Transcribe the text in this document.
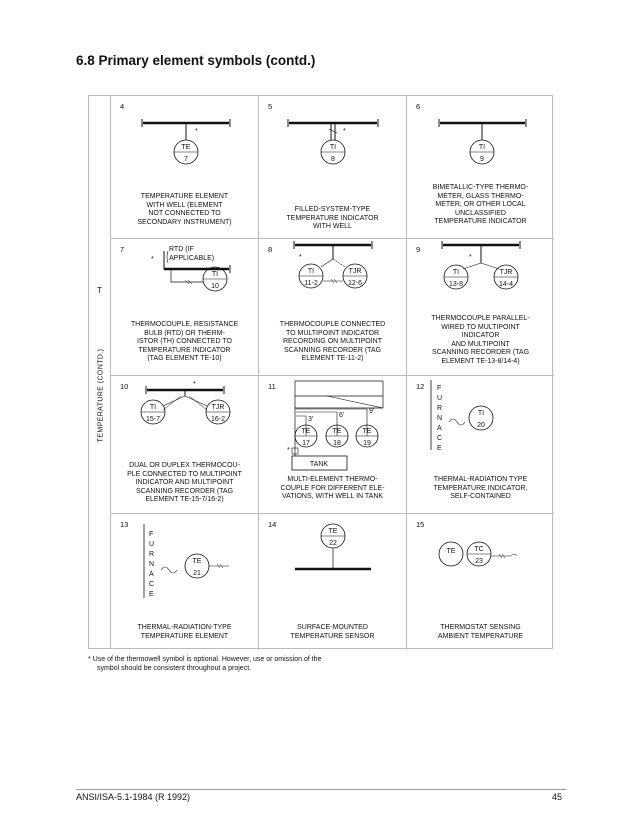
6.8 Primary element symbols (contd.)
T
TEMPERATURE (CONTD.)
4
*
TE
7
TEMPERATURE ELEMENT
WITH WELL (ELEMENT
NOT CONNECTED TO
SECONDARY INSTRUMENT)
5
*
TI
8
FILLED-SYSTEM-TYPE
TEMPERATURE INDICATOR
WITH WELL
6
TI
9
BIMETALLIC-TYPE THERMO-
METER, GLASS THERMO-
METER, OR OTHER LOCAL
UNCLASSIFIED
TEMPERATURE INDICATOR
7	RTD (IF
APPLICABLE)
*
TI
10
THERMOCOUPLE, RESISTANCE
BULB (RTD) OR THERM-
ISTOR (TH) CONNECTED TO
TEMPERATURE INDICATOR
(TAG ELEMENT TE-10)
8
*
TI
11-2
TJR
12-6
THERMOCOUPLE CONNECTED
TO MULTIPOINT INDICATOR
RECORDING ON MULTIPOINT
SCANNING RECORDER (TAG
ELEMENT TE-11-2)
9
*
TI
13-8
TJR
14-4
THERMOCOUPLE PARALLEL-
WIRED TO MULTIPOINT
INDICATOR
AND MULTIPOINT
SCANNING RECORDER (TAG
ELEMENT TE-13-8/14-4)
10	*
TI
15-7
TJR
16-2
DUAL OR DUPLEX THERMOCOU-
PLE CONNECTED TO MULTIPOINT
INDICATOR AND MULTIPOINT
SCANNING RECORDER (TAG
ELEMENT TE-15-7/16-2)
11
3'
6'
9'
TE
17
TE
18
TE
19
*
TANK
MULTI-ELEMENT THERMO-
COUPLE FOR DIFFERENT ELE-
VATIONS, WITH WELL IN TANK
12 F
U
R
N
A
C
E
TI
20
THERMAL-RADIATION TYPE
TEMPERATURE INDICATOR,
SELF-CONTAINED
13
F
U
R
N
A
C
E
TE
21
THERMAL-RADIATION-TYPE
TEMPERATURE ELEMENT
14
TE
22
SURFACE-MOUNTED
TEMPERATURE SENSOR
15
TE	TC
23
THERMOSTAT SENSING
AMBIENT TEMPERATURE
* Use of the thermowell symbol is optional. However, use or omission of the
symbol should be consistent throughout a project.
ANSI/ISA-5.1-1984 (R 1992)	45
